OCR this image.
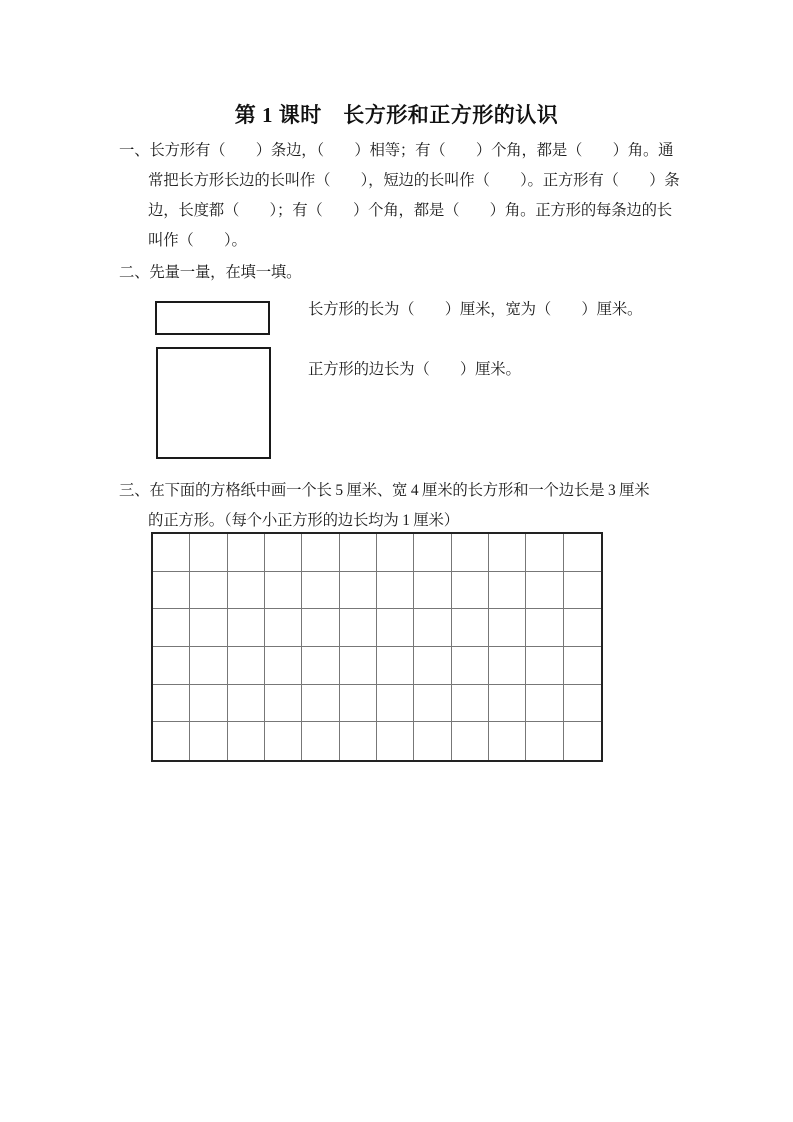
第 1 课时　长方形和正方形的认识
一、长方形有（　　）条边，（　　）相等；有（　　）个角，都是（　　）角。通
常把长方形长边的长叫作（　　），短边的长叫作（　　）。正方形有（　　）条
边，长度都（　　）；有（　　）个角，都是（　　）角。正方形的每条边的长
叫作（　　）。
二、先量一量，在填一填。
长方形的长为（　　）厘米，宽为（　　）厘米。
正方形的边长为（　　）厘米。
三、在下面的方格纸中画一个长 5 厘米、宽 4 厘米的长方形和一个边长是 3 厘米
的正方形。（每个小正方形的边长均为 1 厘米）
